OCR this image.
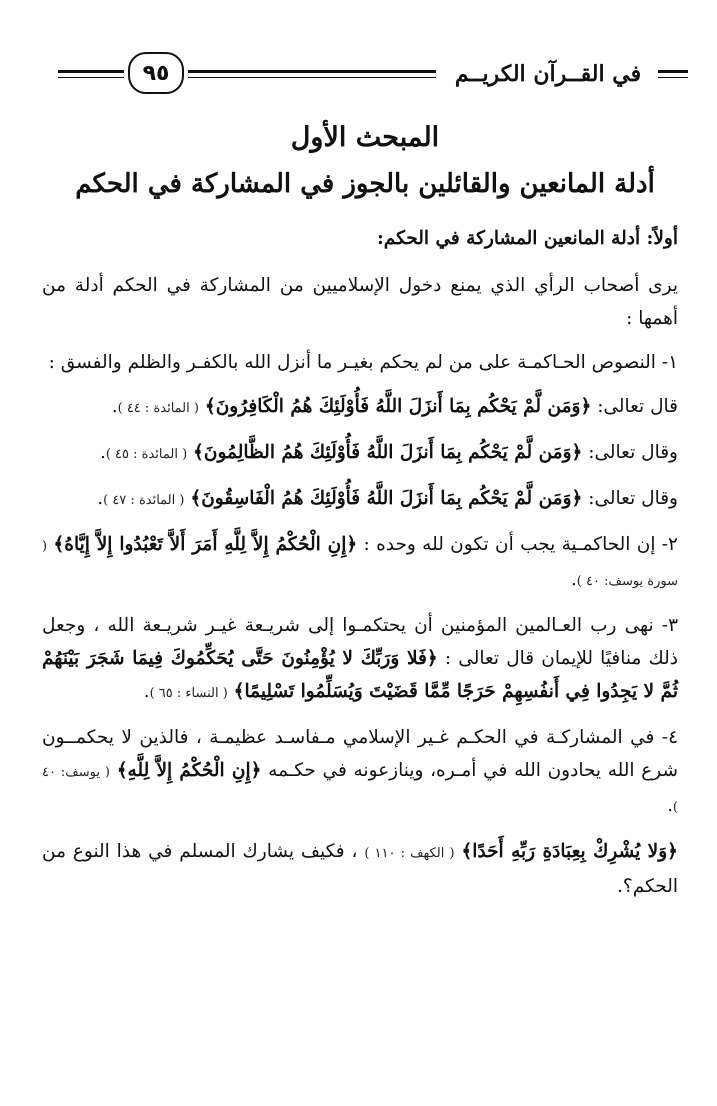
٩٥	في القــرآن الكريــم
المبحث الأول
أدلة المانعين والقائلين بالجوز في المشاركة في الحكم
أولاً: أدلة المانعين المشاركة في الحكم:
يرى أصحاب الرأي الذي يمنع دخول الإسلاميين من المشاركة في الحكم أدلة من أهمها :
١- النصوص الحـاكمـة على من لم يحكم بغيـر ما أنزل الله بالكفـر والظلم والفسق :
قال تعالى: ﴿وَمَن لَّمْ يَحْكُم بِمَا أَنزَلَ اللَّهُ فَأُوْلَئِكَ هُمُ الْكَافِرُونَ﴾ ( المائدة : ٤٤ ).
وقال تعالى: ﴿وَمَن لَّمْ يَحْكُم بِمَا أَنزَلَ اللَّهُ فَأُوْلَئِكَ هُمُ الظَّالِمُونَ﴾ ( المائدة : ٤٥ ).
وقال تعالى: ﴿وَمَن لَّمْ يَحْكُم بِمَا أَنزَلَ اللَّهُ فَأُوْلَئِكَ هُمُ الْفَاسِقُونَ﴾ ( المائدة : ٤٧ ).
٢- إن الحاكمـية يجب أن تكون لله وحده : ﴿إِنِ الْحُكْمُ إِلاَّ لِلَّهِ أَمَرَ أَلاَّ تَعْبُدُوا إِلاَّ إِيَّاهُ﴾ ( سورة يوسف: ٤٠ ).
٣- نهى رب العـالمين المؤمنين أن يحتكمـوا إلى شريـعة غيـر شريـعة الله ، وجعل ذلك منافيًا للإيمان قال تعالى : ﴿فَلا وَرَبِّكَ لا يُؤْمِنُونَ حَتَّى يُحَكِّمُوكَ فِيمَا شَجَرَ بَيْنَهُمْ ثُمَّ لا يَجِدُوا فِي أَنفُسِهِمْ حَرَجًا مِّمَّا قَضَيْتَ وَيُسَلِّمُوا تَسْلِيمًا﴾ ( النساء : ٦٥ ).
٤- في المشاركـة في الحكـم غـير الإسلامي مـفاسـد عظيمـة ، فالذين لا يحكمــون شرع الله يحادون الله في أمـره، وينازعونه في حكـمه ﴿إِنِ الْحُكْمُ إِلاَّ لِلَّهِ﴾ ( يوسف: ٤٠ ).
﴿وَلا يُشْرِكْ بِعِبَادَةِ رَبِّهِ أَحَدًا﴾ ( الكهف : ١١٠ ) ، فكيف يشارك المسلم في هذا النوع من الحكم؟.
